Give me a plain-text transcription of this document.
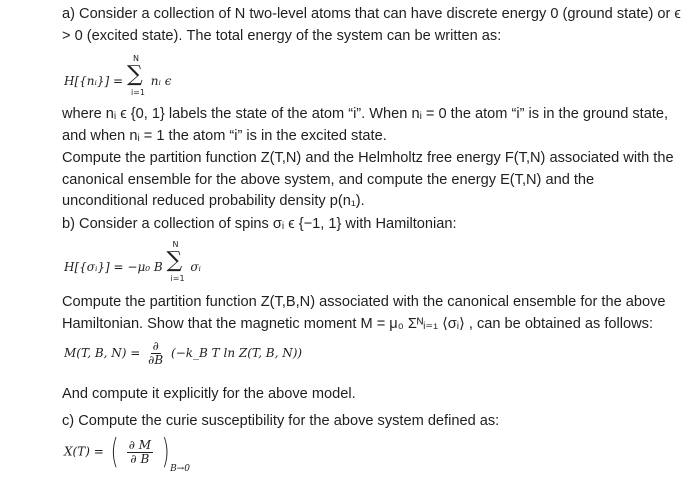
a) Consider a collection of N two-level atoms that can have discrete energy 0 (ground state) or ϵ > 0 (excited state). The total energy of the system can be written as:

H[{nᵢ}] =
N
∑
i=1
nᵢ ϵ

where nᵢ ϵ {0, 1} labels the state of the atom “i”. When nᵢ = 0 the atom “i” is in the ground state, and when nᵢ = 1 the atom “i” is in the excited state.

Compute the partition function Z(T,N) and the Helmholtz free energy F(T,N) associated with the canonical ensemble for the above system, and compute the energy E(T,N) and the unconditional reduced probability density p(n₁).

b) Consider a collection of spins σᵢ ϵ {−1, 1} with Hamiltonian:

H[{σᵢ}] = −μ₀ B
N
∑
i=1
σᵢ

Compute the partition function Z(T,B,N) associated with the canonical ensemble for the above Hamiltonian. Show that the magnetic moment M = μ₀ Σᴺᵢ₌₁ ⟨σᵢ⟩ , can be obtained as follows:

M(T, B, $N) = \frac{\partial}{\partial B}$ (−k_B T ln Z(T, B, N))

And compute it explicitly for the above model.

c) Compute the curie susceptibility for the above system defined as:

X(T) = ( $\frac{\partial M}{\partial B} )_{B\to 0}$
